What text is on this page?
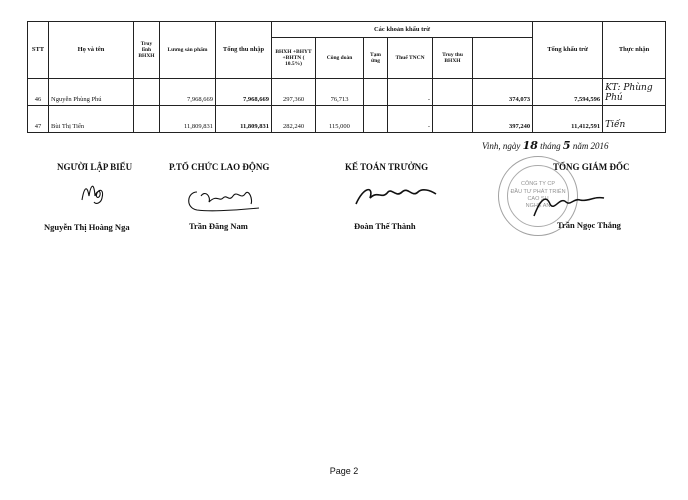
STT	Họ và tên	Truy lĩnh BHXH	Lương sản phẩm	Tổng thu nhập	Các khoản khấu trừ						Tổng khấu trừ	Thực nhận	
					BHXH +BHYT +BHTN ( 10.5%)	Công đoàn	Tạm ứng	Thuế TNCN	Truy thu BHXH				
46	Nguyễn Phùng Phú		7,968,669	7,968,669	297,360	76,713		-		374,073	7,594,596	KT: Phùng Phú	
47	Bùi Thị Tiến		11,809,831	11,809,831	282,240	115,000		-		397,240	11,412,591	Tiến	
Vinh, ngày 18 tháng 5 năm 2016
NGƯỜI LẬP BIỂU	P.TỔ CHỨC LAO ĐỘNG	KẾ TOÁN TRƯỞNG	TỔNG GIÁM ĐỐC
CÔNG TY CP
ĐẦU TƯ PHÁT TRIỂN
CAO SU
NGHỆ AN
Nguyễn Thị Hoàng Nga	Trần Đăng Nam	Đoàn Thế Thành	Trần Ngọc Thắng
Page 2
